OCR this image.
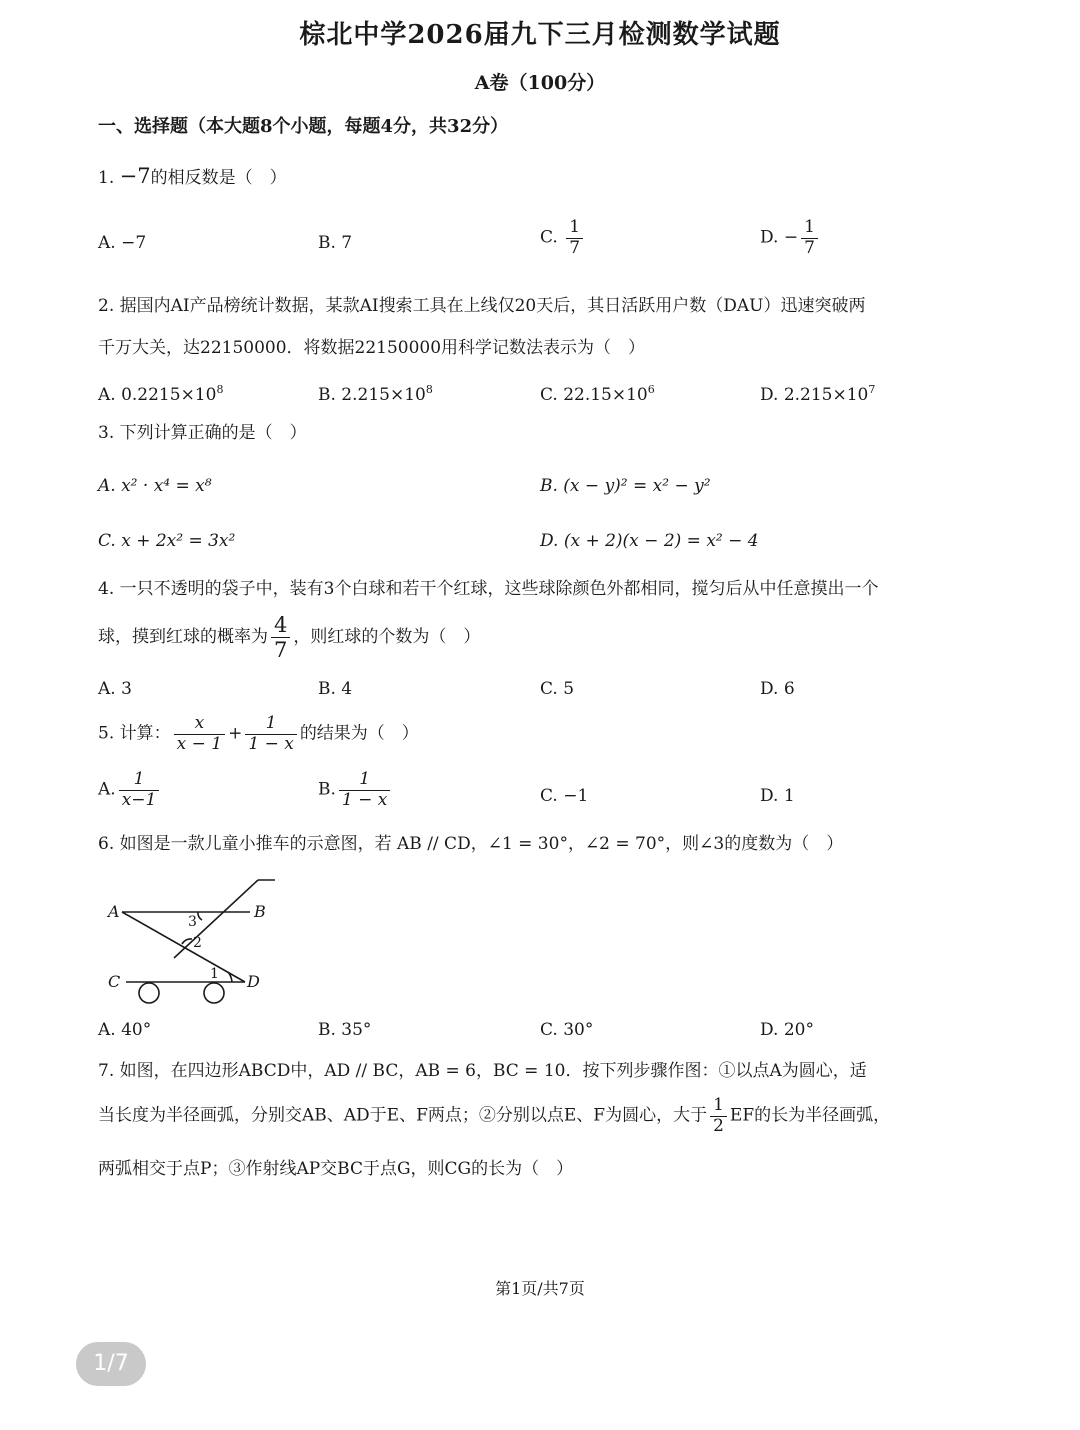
棕北中学2026届九下三月检测数学试题
A卷（100分）
一、选择题（本大题8个小题，每题4分，共32分）
1. −7的相反数是（　）
A. −7	B. 7	C. $\frac{1}{7}$	D. − $\frac{1}{7}$
2. 据国内AI产品榜统计数据，某款AI搜索工具在上线仅20天后，其日活跃用户数（DAU）迅速突破两
千万大关，达22150000．将数据22150000用科学记数法表示为（　）
A. $0.2215\times 10^8$	B. $2.215\times 10^8$	C. $22.15\times 10^6$	D. $2.215\times 10^7$
3. 下列计算正确的是（　）
A. x² · x⁴ = x⁸	B. (x − y)² = x² − y²
C. x + 2x² = 3x²	D. (x + 2)(x − 2) = x² − 4
4. 一只不透明的袋子中，装有3个白球和若干个红球，这些球除颜色外都相同，搅匀后从中任意摸出一个
球，摸到红球的概率为 $\frac{4}{7}$ ，则红球的个数为（　）
A. 3	B. 4	C. 5	D. 6
5. 计算： $\frac{x}{x - 1} + \frac{1}{1 - x}$ 的结果为（　）
A. $\frac{1}{x-1}$	B. $\frac{1}{1 - x}$	C. −1	D. 1
6. 如图是一款儿童小推车的示意图，若 AB // CD，∠1 = 30°，∠2 = 70°，则∠3的度数为（　）
A	B
C	D
3
2
1
A. 40°	B. 35°	C. 30°	D. 20°
7. 如图，在四边形ABCD中，AD // BC，AB = 6，BC = 10．按下列步骤作图：①以点A为圆心，适
当长度为半径画弧，分别交AB、AD于E、F两点；②分别以点E、F为圆心，大于 $\frac{1}{2}$ EF的长为半径画弧，
两弧相交于点P；③作射线AP交BC于点G，则CG的长为（　）
第1页/共7页
1/7
